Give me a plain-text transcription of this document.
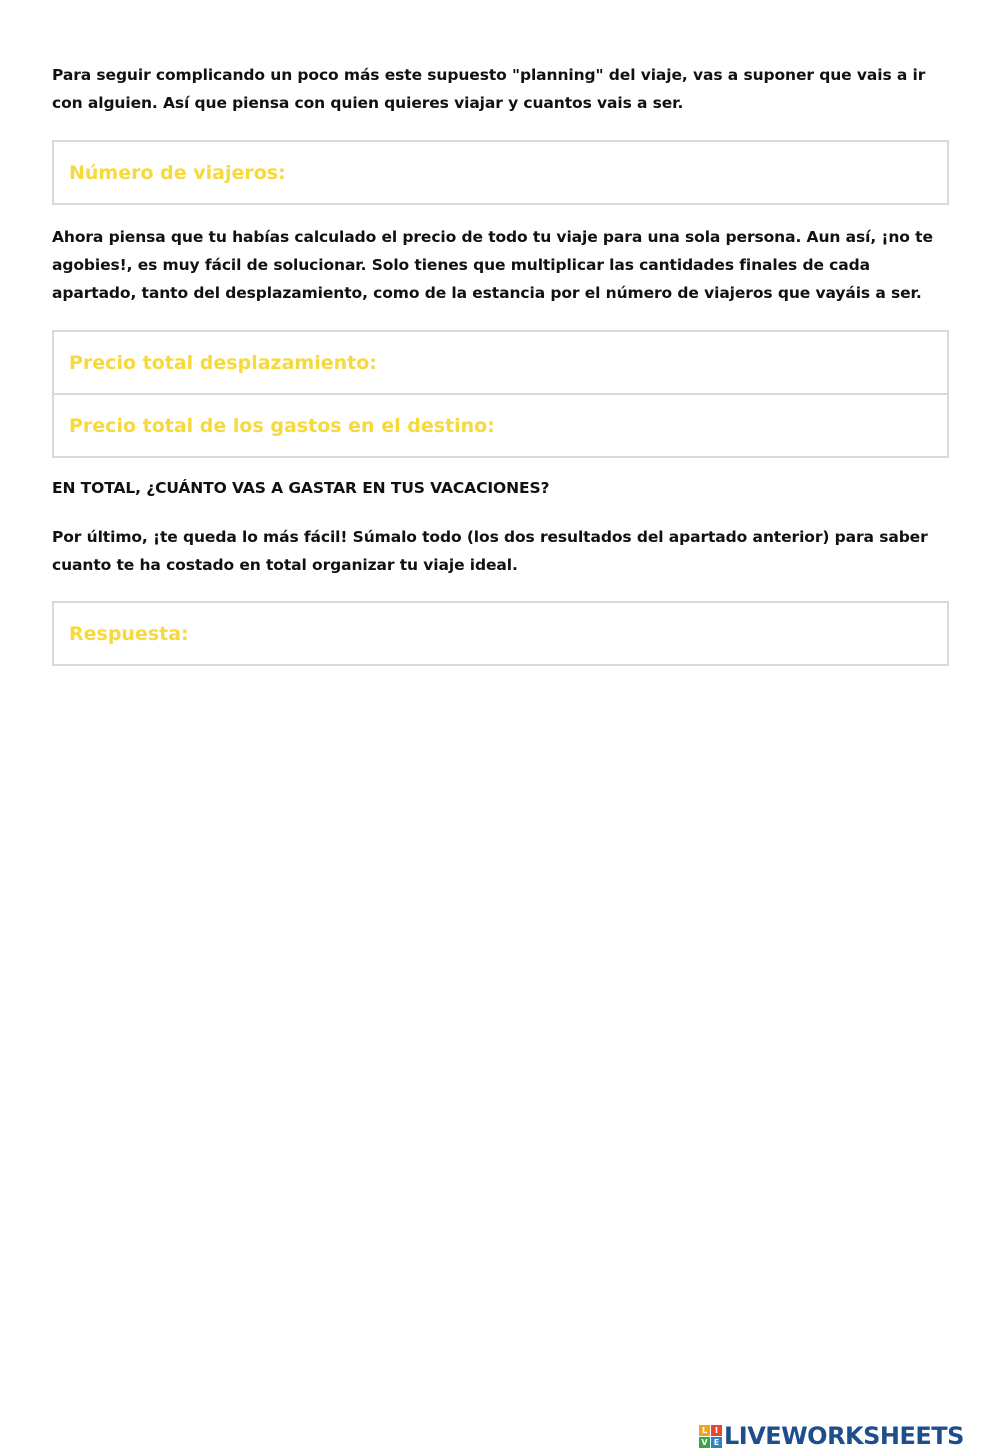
Para seguir complicando un poco más este supuesto "planning" del viaje, vas a suponer que vais a ir con alguien. Así que piensa con quien quieres viajar y cuantos vais a ser.

Número de viajeros:

Ahora piensa que tu habías calculado el precio de todo tu viaje para una sola persona. Aun así, ¡no te agobies!, es muy fácil de solucionar. Solo tienes que multiplicar las cantidades finales de cada apartado, tanto del desplazamiento, como de la estancia por el número de viajeros que vayáis a ser.

Precio total desplazamiento:
Precio total de los gastos en el destino:

EN TOTAL, ¿CUÁNTO VAS A GASTAR EN TUS VACACIONES?

Por último, ¡te queda lo más fácil! Súmalo todo (los dos resultados del apartado anterior) para saber cuanto te ha costado en total organizar tu viaje ideal.

Respuesta:
L I
V E LIVEWORKSHEETS
